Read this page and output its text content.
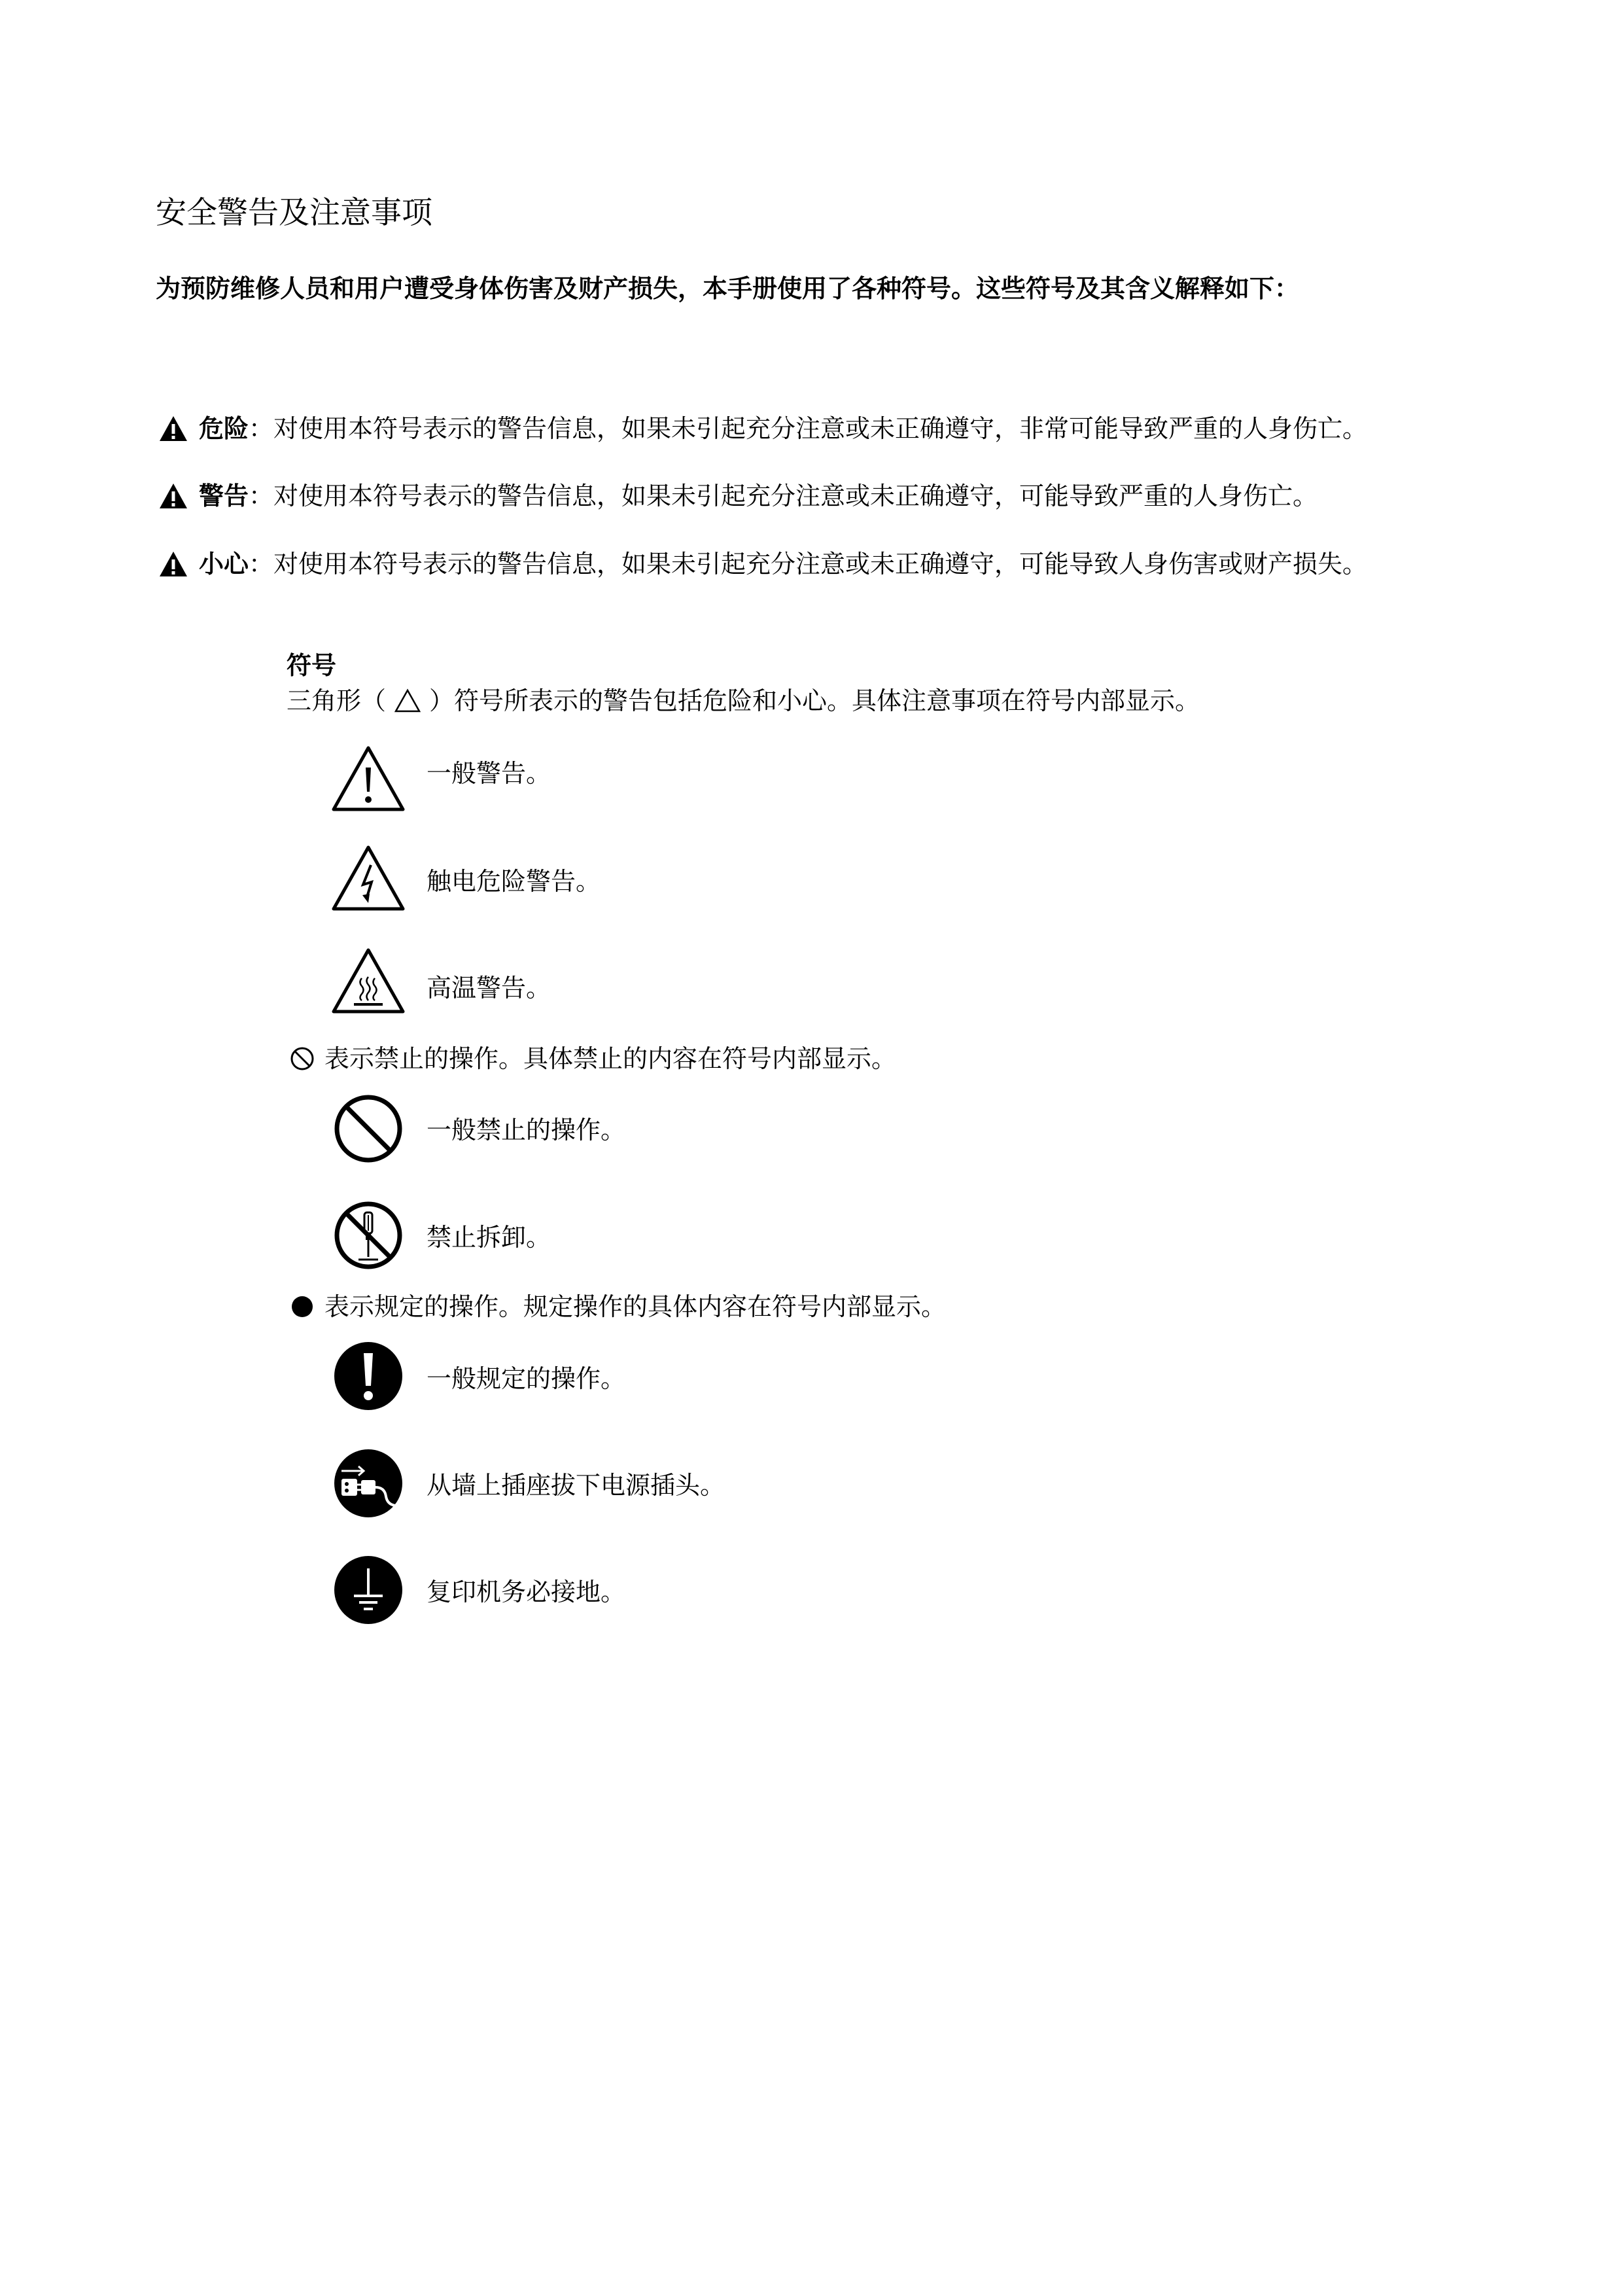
安全警告及注意事项
为预防维修人员和用户遭受身体伤害及财产损失，本手册使用了各种符号。这些符号及其含义解释如下：
危险 ：对使用本符号表示的警告信息，如果未引起充分注意或未正确遵守，非常可能导致严重的人身伤亡。
警告 ：对使用本符号表示的警告信息，如果未引起充分注意或未正确遵守，可能导致严重的人身伤亡。
小心 ：对使用本符号表示的警告信息，如果未引起充分注意或未正确遵守，可能导致人身伤害或财产损失。
符号
三角形（ ）符号所表示的警告包括危险和小心。具体注意事项在符号内部显示。
一般警告。
触电危险警告。
高温警告。
表示禁止的操作。具体禁止的内容在符号内部显示。
一般禁止的操作。
禁止拆卸。
表示规定的操作。规定操作的具体内容在符号内部显示。
一般规定的操作。
从墙上插座拔下电源插头。
复印机务必接地。
